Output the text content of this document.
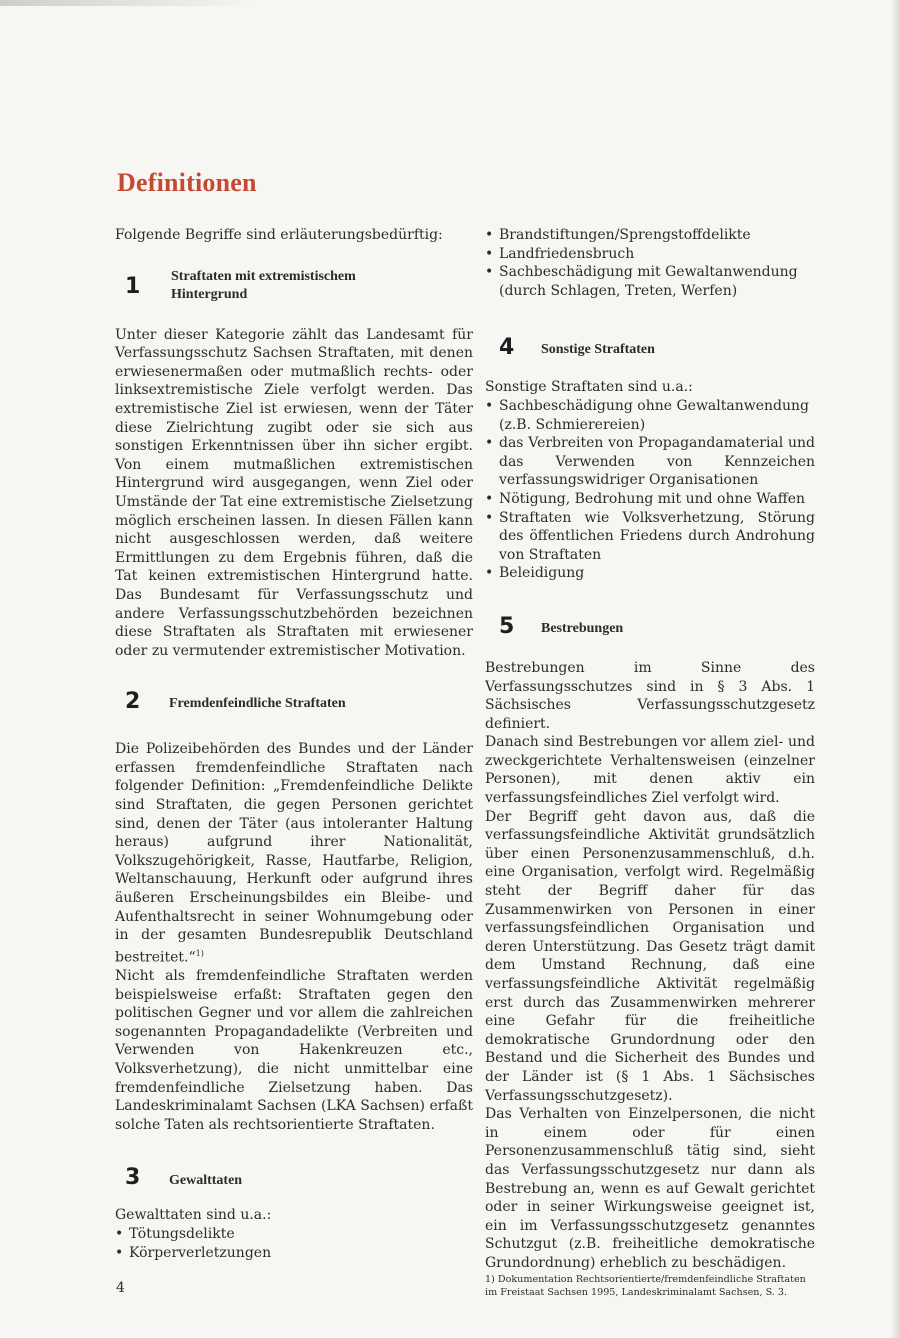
Definitionen

Folgende Begriffe sind erläuterungsbedürftig:

1	Straftaten mit extremistischem Hintergrund

Unter dieser Kategorie zählt das Landesamt für Verfassungsschutz Sachsen Straftaten, mit denen erwiesenermaßen oder mutmaßlich rechts- oder linksextremistische Ziele verfolgt werden. Das extremistische Ziel ist erwiesen, wenn der Täter diese Zielrichtung zugibt oder sie sich aus sonstigen Erkenntnissen über ihn sicher ergibt. Von einem mutmaßlichen extremistischen Hintergrund wird ausgegangen, wenn Ziel oder Umstände der Tat eine extremistische Zielsetzung möglich erscheinen lassen. In diesen Fällen kann nicht ausgeschlossen werden, daß weitere Ermittlungen zu dem Ergebnis führen, daß die Tat keinen extremistischen Hintergrund hatte. Das Bundesamt für Verfassungsschutz und andere Verfassungsschutzbehörden bezeichnen diese Straftaten als Straftaten mit erwiesener oder zu vermutender extremistischer Motivation.

2	Fremdenfeindliche Straftaten

Die Polizeibehörden des Bundes und der Länder erfassen fremdenfeindliche Straftaten nach folgender Definition: „Fremdenfeindliche Delikte sind Straftaten, die gegen Personen gerichtet sind, denen der Täter (aus intoleranter Haltung heraus) aufgrund ihrer Nationalität, Volkszugehörigkeit, Rasse, Hautfarbe, Religion, Weltanschauung, Herkunft oder aufgrund ihres äußeren Erscheinungsbildes ein Bleibe- und Aufenthaltsrecht in seiner Wohnumgebung oder in der gesamten Bundesrepublik Deutschland bestreitet.“$^{1)}$

Nicht als fremdenfeindliche Straftaten werden beispielsweise erfaßt: Straftaten gegen den politischen Gegner und vor allem die zahlreichen sogenannten Propagandadelikte (Verbreiten und Verwenden von Hakenkreuzen etc., Volksverhetzung), die nicht unmittelbar eine fremdenfeindliche Zielsetzung haben. Das Landeskriminalamt Sachsen (LKA Sachsen) erfaßt solche Taten als rechtsorientierte Straftaten.

3	Gewalttaten

Gewalttaten sind u.a.:

• Tötungsdelikte
• Körperverletzungen
• Brandstiftungen/Sprengstoffdelikte
• Landfriedensbruch
• Sachbeschädigung mit Gewaltanwendung (durch Schlagen, Treten, Werfen)
4	Sonstige Straftaten

Sonstige Straftaten sind u.a.:

• Sachbeschädigung ohne Gewaltanwendung (z.B. Schmierereien)
• das Verbreiten von Propagandamaterial und das Verwenden von Kennzeichen verfassungswidriger Organisationen
• Nötigung, Bedrohung mit und ohne Waffen
• Straftaten wie Volksverhetzung, Störung des öffentlichen Friedens durch Androhung von Straftaten
• Beleidigung
5	Bestrebungen

Bestrebungen im Sinne des Verfassungsschutzes sind in § 3 Abs. 1 Sächsisches Verfassungsschutzgesetz definiert.

Danach sind Bestrebungen vor allem ziel- und zweckgerichtete Verhaltensweisen (einzelner Personen), mit denen aktiv ein verfassungsfeindliches Ziel verfolgt wird.

Der Begriff geht davon aus, daß die verfassungsfeindliche Aktivität grundsätzlich über einen Personenzusammenschluß, d.h. eine Organisation, verfolgt wird. Regelmäßig steht der Begriff daher für das Zusammenwirken von Personen in einer verfassungsfeindlichen Organisation und deren Unterstützung. Das Gesetz trägt damit dem Umstand Rechnung, daß eine verfassungsfeindliche Aktivität regelmäßig erst durch das Zusammenwirken mehrerer eine Gefahr für die freiheitliche demokratische Grundordnung oder den Bestand und die Sicherheit des Bundes und der Länder ist (§ 1 Abs. 1 Sächsisches Verfassungsschutzgesetz).

Das Verhalten von Einzelpersonen, die nicht in einem oder für einen Personenzusammenschluß tätig sind, sieht das Verfassungsschutzgesetz nur dann als Bestrebung an, wenn es auf Gewalt gerichtet oder in seiner Wirkungsweise geeignet ist, ein im Verfassungsschutzgesetz genanntes Schutzgut (z.B. freiheitliche demokratische Grundordnung) erheblich zu beschädigen.

1) Dokumentation Rechtsorientierte/fremdenfeindliche Straftaten im Freistaat Sachsen 1995, Landeskriminalamt Sachsen, S. 3.

4
